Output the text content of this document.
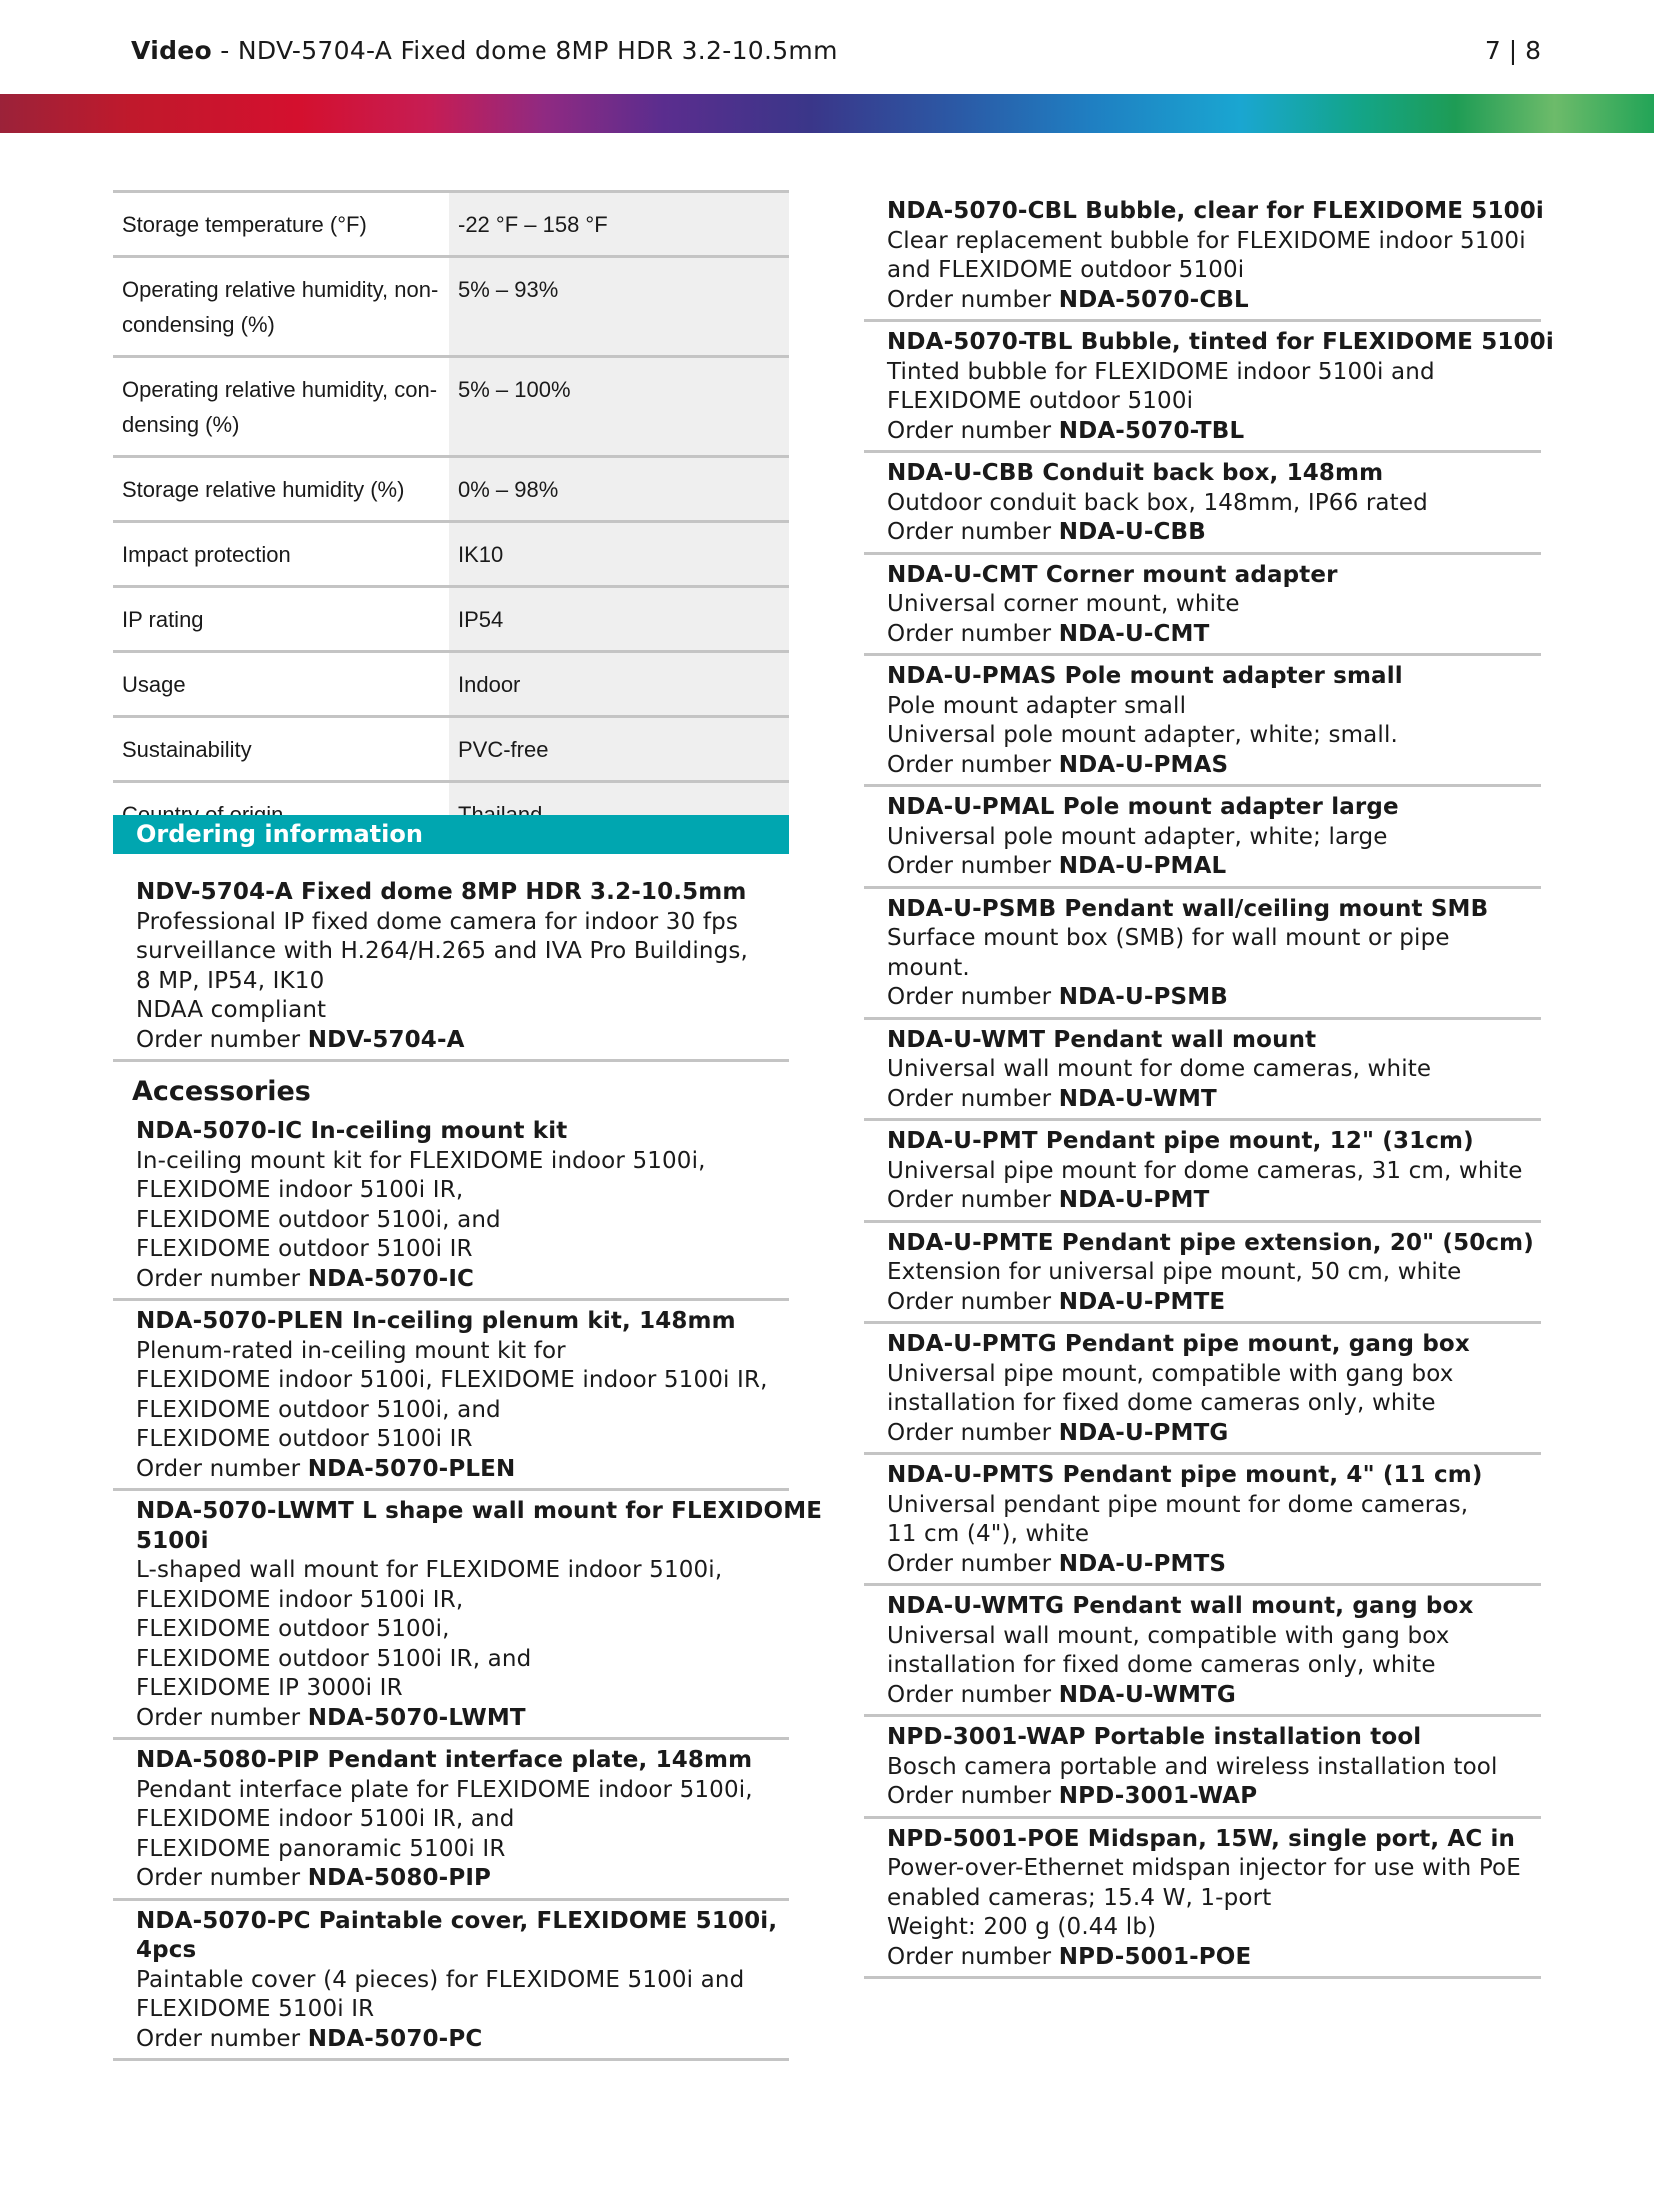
Video - NDV-5704-A Fixed dome 8MP HDR 3.2-10.5mm	7 | 8
Storage temperature (°F)	-22 °F – 158 °F
Operating relative humidity, non-condensing (%)	5% – 93%
Operating relative humidity, con-densing (%)	5% – 100%
Storage relative humidity (%)	0% – 98%
Impact protection	IK10
IP rating	IP54
Usage	Indoor
Sustainability	PVC-free

Ordering information
NDV-5704-A Fixed dome 8MP HDR 3.2-10.5mm
Professional IP fixed dome camera for indoor 30 fps
surveillance with H.264/H.265 and IVA Pro Buildings,
8 MP, IP54, IK10
NDAA compliant
Order number NDV-5704-A
Accessories
NDA-5070-IC In-ceiling mount kit
In-ceiling mount kit for FLEXIDOME indoor 5100i,
FLEXIDOME indoor 5100i IR,
FLEXIDOME outdoor 5100i, and
FLEXIDOME outdoor 5100i IR
Order number NDA-5070-IC
NDA-5070-PLEN In-ceiling plenum kit, 148mm
Plenum-rated in-ceiling mount kit for
FLEXIDOME indoor 5100i, FLEXIDOME indoor 5100i IR,
FLEXIDOME outdoor 5100i, and
FLEXIDOME outdoor 5100i IR
Order number NDA-5070-PLEN
NDA-5070-LWMT L shape wall mount for FLEXIDOME
5100i
L-shaped wall mount for FLEXIDOME indoor 5100i,
FLEXIDOME indoor 5100i IR,
FLEXIDOME outdoor 5100i,
FLEXIDOME outdoor 5100i IR, and
FLEXIDOME IP 3000i IR
Order number NDA-5070-LWMT
NDA-5080-PIP Pendant interface plate, 148mm
Pendant interface plate for FLEXIDOME indoor 5100i,
FLEXIDOME indoor 5100i IR, and
FLEXIDOME panoramic 5100i IR
Order number NDA-5080-PIP
NDA-5070-PC Paintable cover, FLEXIDOME 5100i,
4pcs
Paintable cover (4 pieces) for FLEXIDOME 5100i and
FLEXIDOME 5100i IR
Order number NDA-5070-PC
NDA-5070-CBL Bubble, clear for FLEXIDOME 5100i
Clear replacement bubble for FLEXIDOME indoor 5100i
and FLEXIDOME outdoor 5100i
Order number NDA-5070-CBL
NDA-5070-TBL Bubble, tinted for FLEXIDOME 5100i
Tinted bubble for FLEXIDOME indoor 5100i and
FLEXIDOME outdoor 5100i
Order number NDA-5070-TBL
NDA-U-CBB Conduit back box, 148mm
Outdoor conduit back box, 148mm, IP66 rated
Order number NDA-U-CBB
NDA-U-CMT Corner mount adapter
Universal corner mount, white
Order number NDA-U-CMT
NDA-U-PMAS Pole mount adapter small
Pole mount adapter small
Universal pole mount adapter, white; small.
Order number NDA-U-PMAS
NDA-U-PMAL Pole mount adapter large
Universal pole mount adapter, white; large
Order number NDA-U-PMAL
NDA-U-PSMB Pendant wall/ceiling mount SMB
Surface mount box (SMB) for wall mount or pipe
mount.
Order number NDA-U-PSMB
NDA-U-WMT Pendant wall mount
Universal wall mount for dome cameras, white
Order number NDA-U-WMT
NDA-U-PMT Pendant pipe mount, 12" (31cm)
Universal pipe mount for dome cameras, 31 cm, white
Order number NDA-U-PMT
NDA-U-PMTE Pendant pipe extension, 20" (50cm)
Extension for universal pipe mount, 50 cm, white
Order number NDA-U-PMTE
NDA-U-PMTG Pendant pipe mount, gang box
Universal pipe mount, compatible with gang box
installation for fixed dome cameras only, white
Order number NDA-U-PMTG
NDA-U-PMTS Pendant pipe mount, 4" (11 cm)
Universal pendant pipe mount for dome cameras,
11 cm (4"), white
Order number NDA-U-PMTS
NDA-U-WMTG Pendant wall mount, gang box
Universal wall mount, compatible with gang box
installation for fixed dome cameras only, white
Order number NDA-U-WMTG
NPD-3001-WAP Portable installation tool
Bosch camera portable and wireless installation tool
Order number NPD-3001-WAP
NPD-5001-POE Midspan, 15W, single port, AC in
Power-over-Ethernet midspan injector for use with PoE
enabled cameras; 15.4 W, 1-port
Weight: 200 g (0.44 lb)
Order number NPD-5001-POE
